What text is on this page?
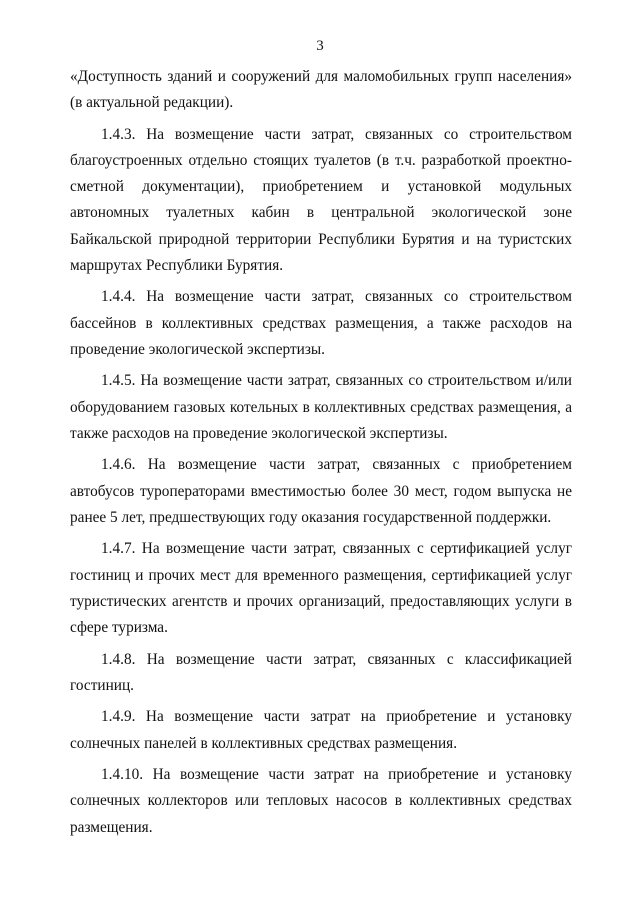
3

«Доступность зданий и сооружений для маломобильных групп населения» (в актуальной редакции).

1.4.3. На возмещение части затрат, связанных со строительством благоустроенных отдельно стоящих туалетов (в т.ч. разработкой проектно-сметной документации), приобретением и установкой модульных автономных туалетных кабин в центральной экологической зоне Байкальской природной территории Республики Бурятия и на туристских маршрутах Республики Бурятия.

1.4.4. На возмещение части затрат, связанных со строительством бассейнов в коллективных средствах размещения, а также расходов на проведение экологической экспертизы.

1.4.5. На возмещение части затрат, связанных со строительством и/или оборудованием газовых котельных в коллективных средствах размещения, а также расходов на проведение экологической экспертизы.

1.4.6. На возмещение части затрат, связанных с приобретением автобусов туроператорами вместимостью более 30 мест, годом выпуска не ранее 5 лет, предшествующих году оказания государственной поддержки.

1.4.7. На возмещение части затрат, связанных с сертификацией услуг гостиниц и прочих мест для временного размещения, сертификацией услуг туристических агентств и прочих организаций, предоставляющих услуги в сфере туризма.

1.4.8. На возмещение части затрат, связанных с классификацией гостиниц.

1.4.9. На возмещение части затрат на приобретение и установку солнечных панелей в коллективных средствах размещения.

1.4.10. На возмещение части затрат на приобретение и установку солнечных коллекторов или тепловых насосов в коллективных средствах размещения.
